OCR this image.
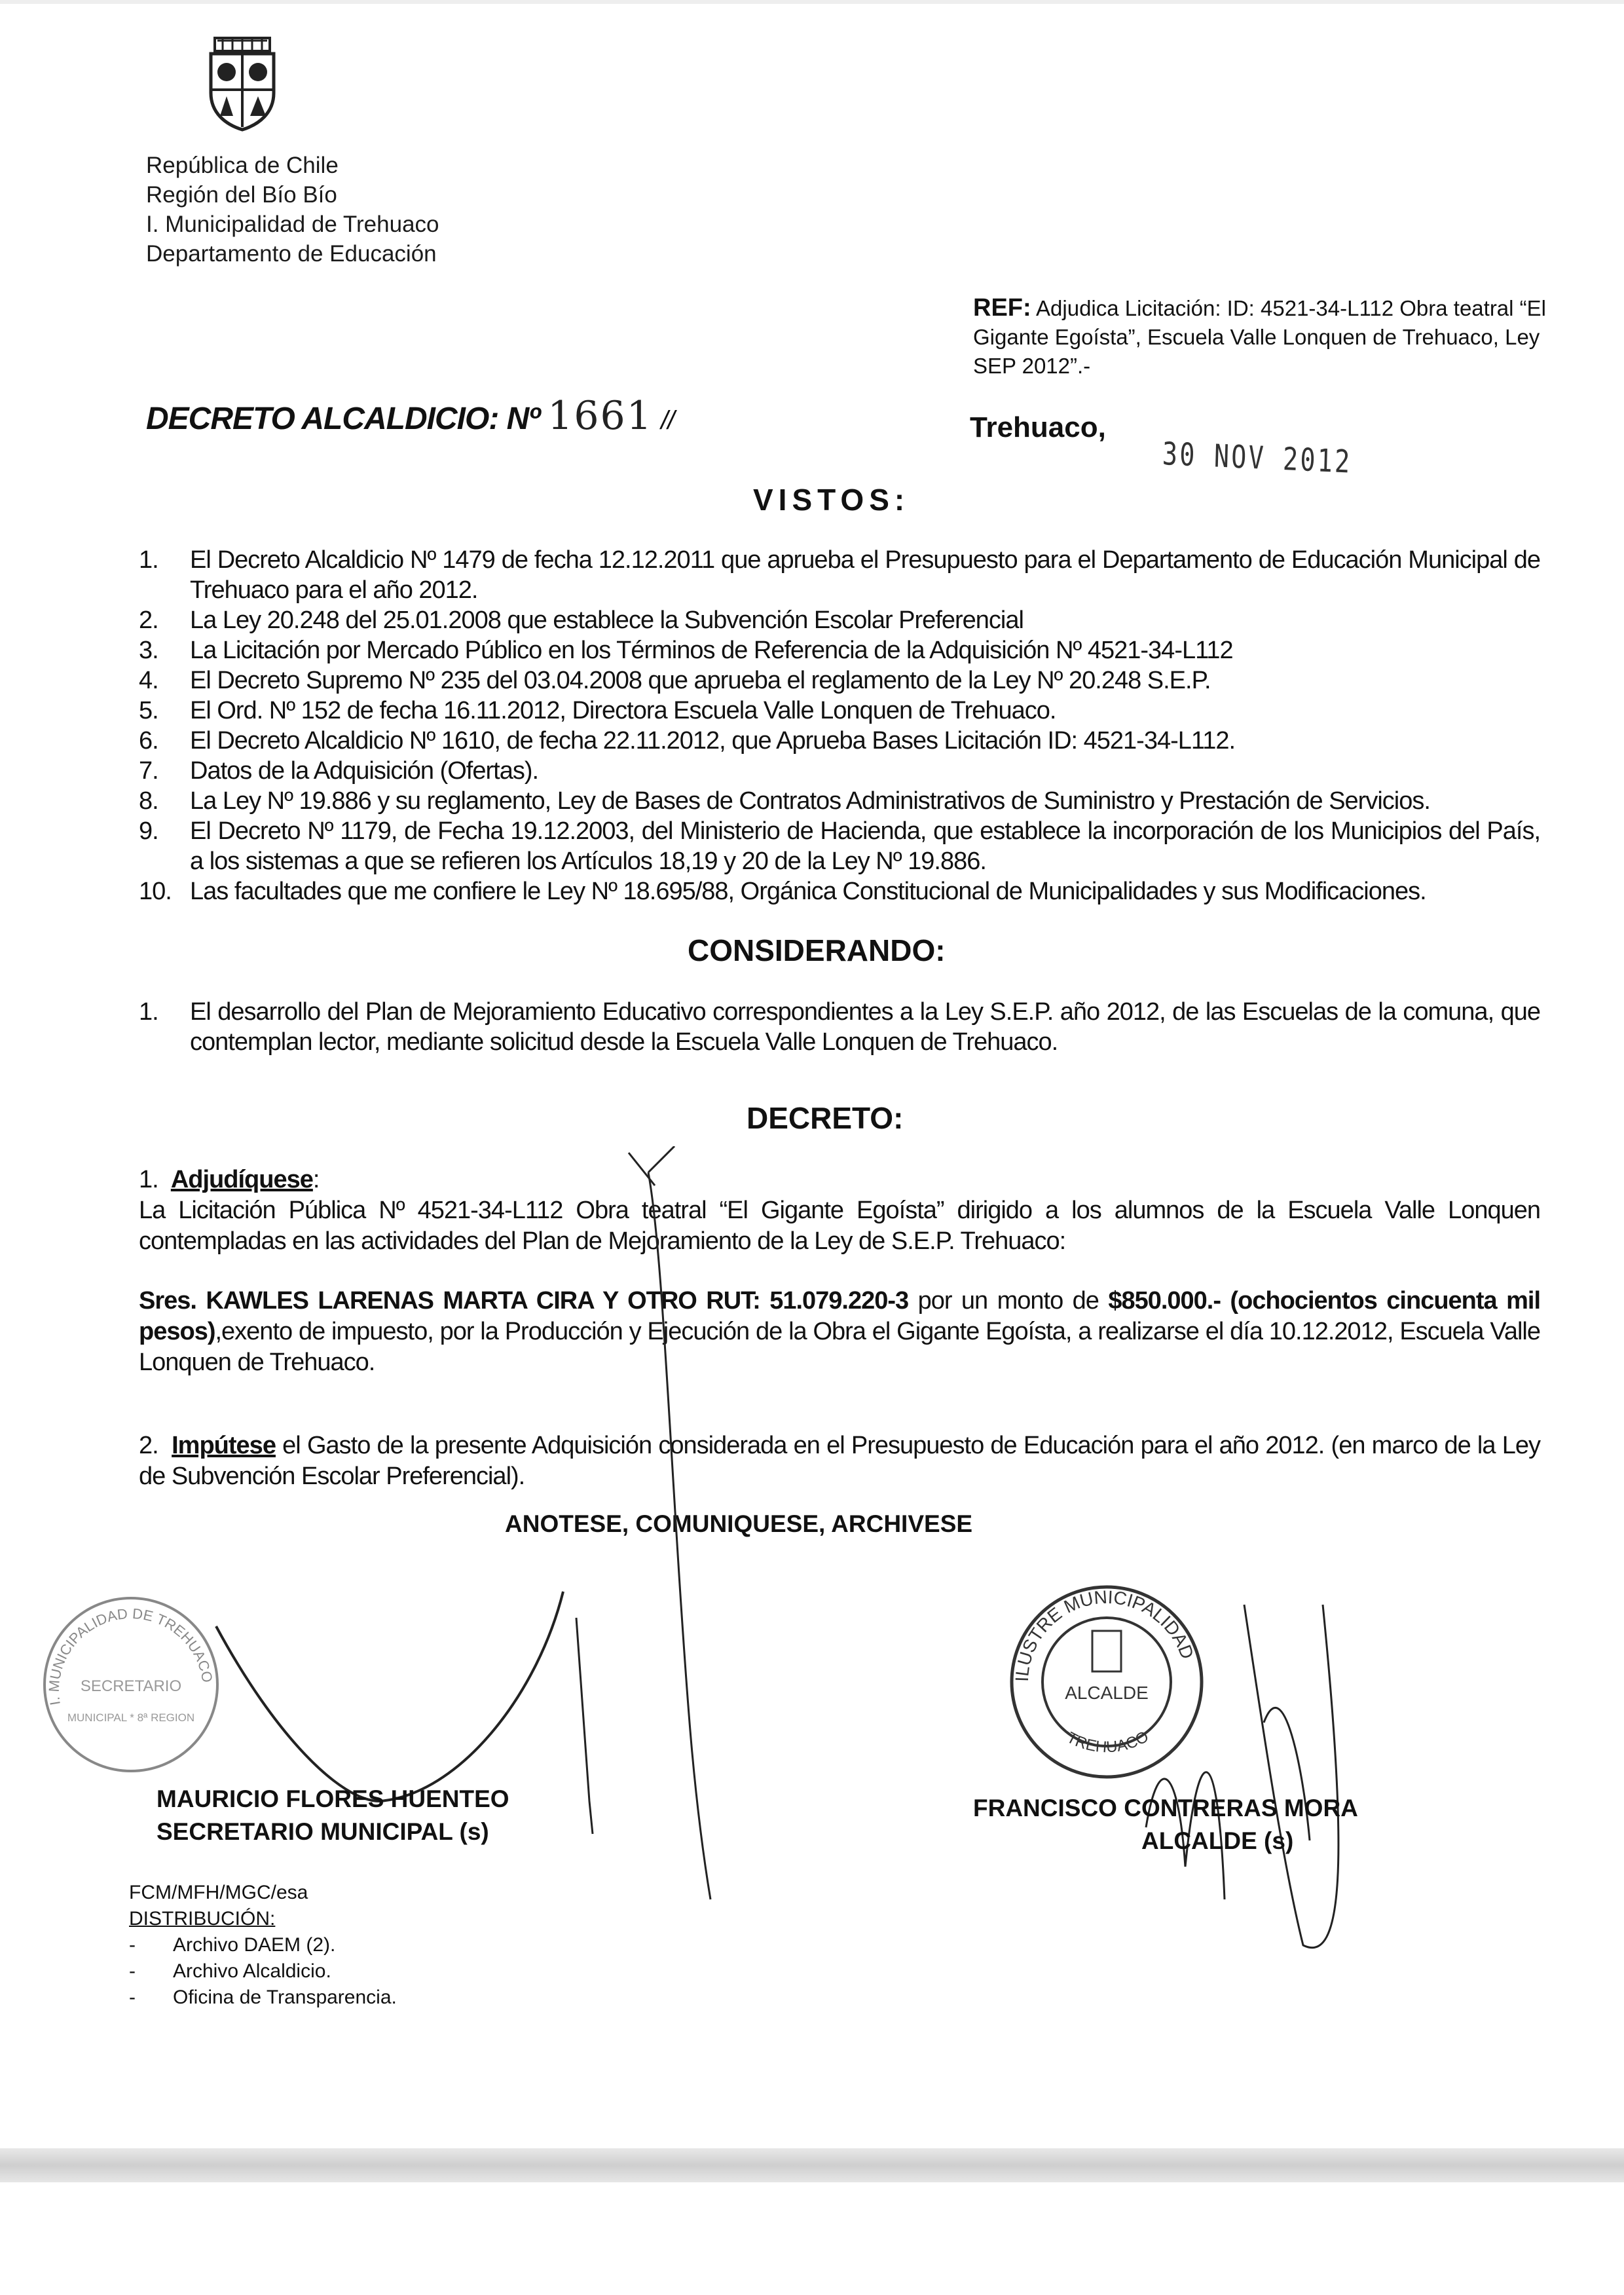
República de Chile
Región del Bío Bío
I. Municipalidad de Trehuaco
Departamento de Educación
REF: Adjudica Licitación: ID: 4521-34-L112 Obra teatral “El Gigante Egoísta”, Escuela Valle Lonquen de Trehuaco, Ley SEP 2012”.-
DECRETO ALCALDICIO: Nº 1661 //	Trehuaco,
30 NOV 2012
VISTOS:
1.	El Decreto Alcaldicio Nº 1479 de fecha 12.12.2011 que aprueba el Presupuesto para el Departamento de Educación Municipal de Trehuaco para el año 2012.
2.	La Ley 20.248 del 25.01.2008 que establece la Subvención Escolar Preferencial
3.	La Licitación por Mercado Público en los Términos de Referencia de la Adquisición Nº 4521-34-L112
4.	El Decreto Supremo Nº 235 del 03.04.2008 que aprueba el reglamento de la Ley Nº 20.248 S.E.P.
5.	El Ord. Nº 152 de fecha 16.11.2012, Directora Escuela Valle Lonquen de Trehuaco.
6.	El Decreto Alcaldicio Nº 1610, de fecha 22.11.2012, que Aprueba Bases Licitación ID: 4521-34-L112.
7.	Datos de la Adquisición (Ofertas).
8.	La Ley Nº 19.886 y su reglamento, Ley de Bases de Contratos Administrativos de Suministro y Prestación de Servicios.
9.	El Decreto Nº 1179, de Fecha 19.12.2003, del Ministerio de Hacienda, que establece la incorporación de los Municipios del País, a los sistemas a que se refieren los Artículos 18,19 y 20 de la Ley Nº 19.886.
10. Las facultades que me confiere le Ley Nº 18.695/88, Orgánica Constitucional de Municipalidades y sus Modificaciones.
CONSIDERANDO:
1.	El desarrollo del Plan de Mejoramiento Educativo correspondientes a la Ley S.E.P. año 2012, de las Escuelas de la comuna, que contemplan lector, mediante solicitud desde la Escuela Valle Lonquen de Trehuaco.
DECRETO:
1. Adjudíquese:
La Licitación Pública Nº 4521-34-L112 Obra teatral “El Gigante Egoísta” dirigido a los alumnos de la Escuela Valle Lonquen contempladas en las actividades del Plan de Mejoramiento de la Ley de S.E.P. Trehuaco:
Sres. KAWLES LARENAS MARTA CIRA Y OTRO RUT: 51.079.220-3 por un monto de $850.000.- (ochocientos cincuenta mil pesos),exento de impuesto, por la Producción y Ejecución de la Obra el Gigante Egoísta, a realizarse el día 10.12.2012, Escuela Valle Lonquen de Trehuaco.
2. Impútese el Gasto de la presente Adquisición considerada en el Presupuesto de Educación para el año 2012. (en marco de la Ley de Subvención Escolar Preferencial).
ANOTESE, COMUNIQUESE, ARCHIVESE
I. MUNICIPALIDAD DE TREHUACO
SECRETARIO
MUNICIPAL * 8ª REGION
ILUSTRE MUNICIPALIDAD
TREHUACO
ALCALDE
MAURICIO FLORES HUENTEO
SECRETARIO MUNICIPAL (s)
FRANCISCO CONTRERAS MORA
ALCALDE (s)
FCM/MFH/MGC/esa
DISTRIBUCIÓN:
- Archivo DAEM (2).
- Archivo Alcaldicio.
- Oficina de Transparencia.
